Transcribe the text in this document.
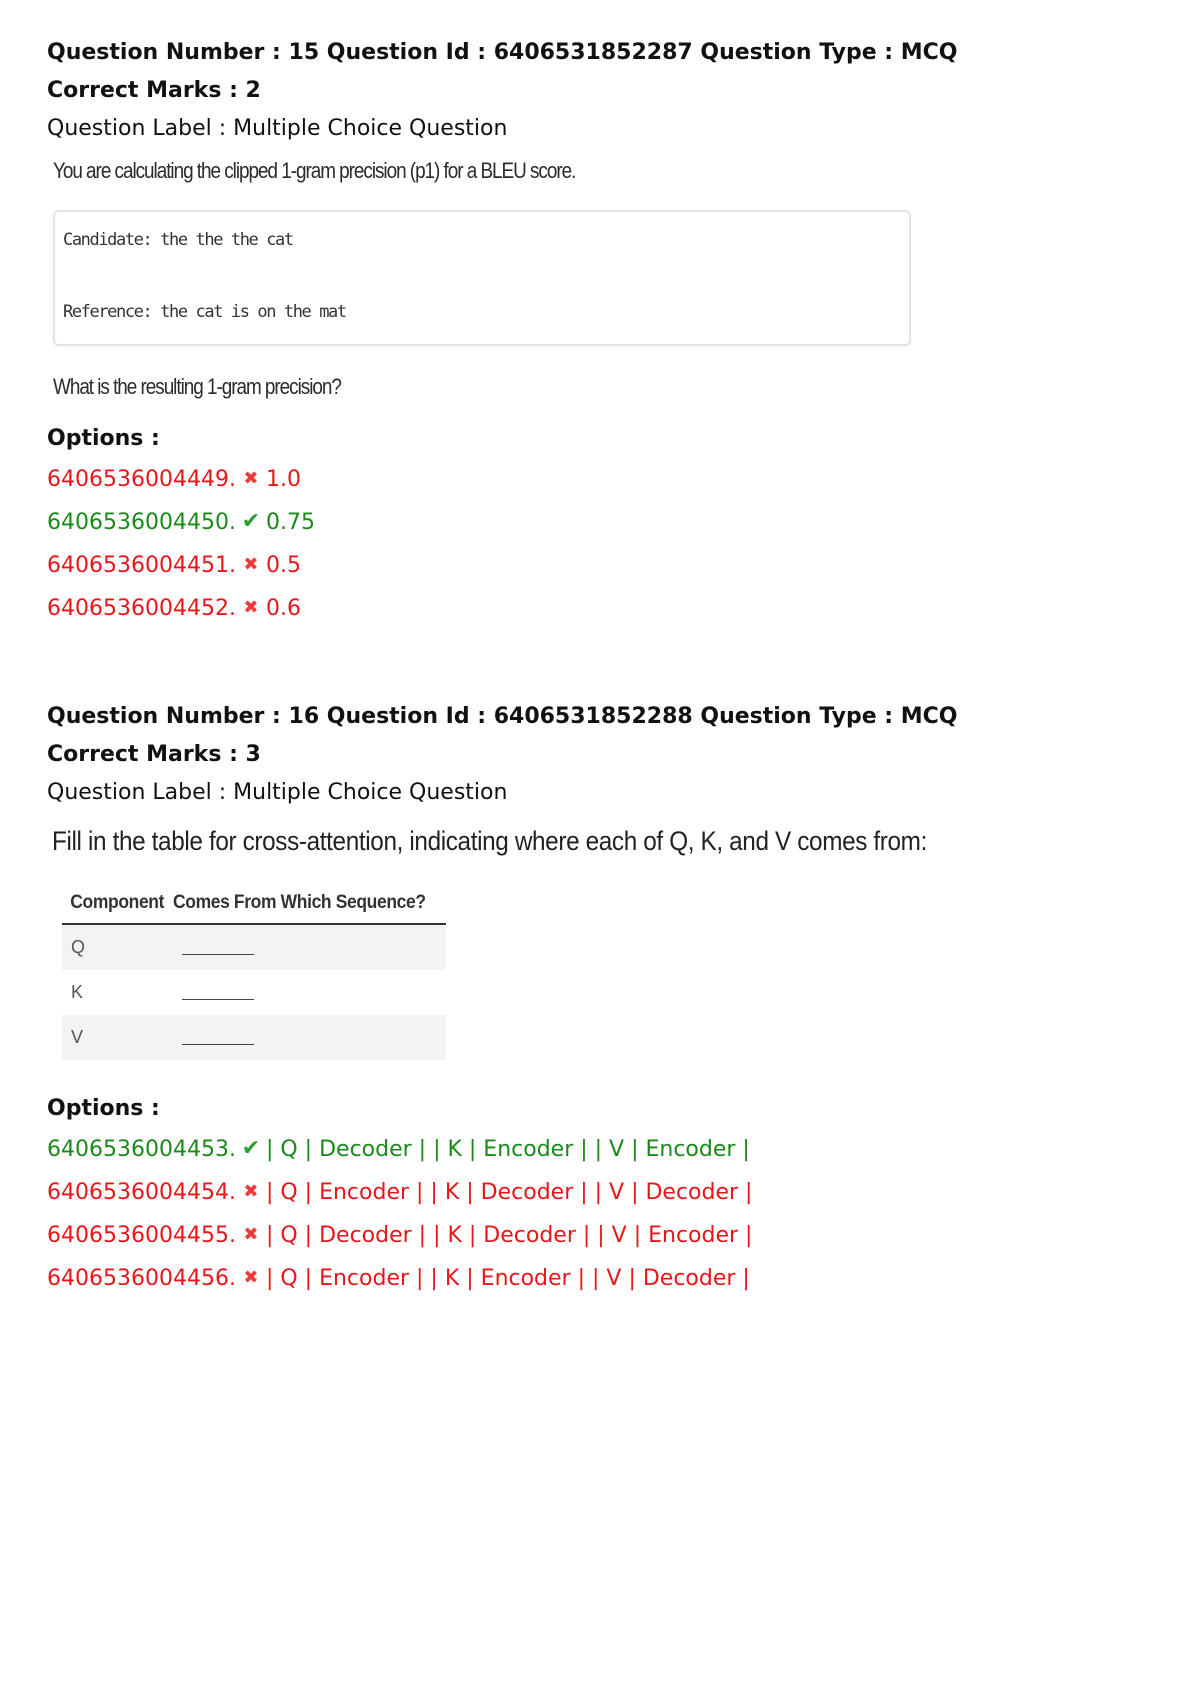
Question Number : 15 Question Id : 6406531852287 Question Type : MCQ
Correct Marks : 2
Question Label : Multiple Choice Question
You are calculating the clipped 1-gram precision (p1) for a BLEU score.
Candidate: the the the cat
Reference: the cat is on the mat
What is the resulting 1-gram precision?
Options :
6406536004449. ✖ 1.0
6406536004450. ✔ 0.75
6406536004451. ✖ 0.5
6406536004452. ✖ 0.6
Question Number : 16 Question Id : 6406531852288 Question Type : MCQ
Correct Marks : 3
Question Label : Multiple Choice Question
Fill in the table for cross-attention, indicating where each of Q, K, and V comes from:
Component Comes From Which Sequence?
Q
K
V
Options :
6406536004453. ✔ | Q | Decoder | | K | Encoder | | V | Encoder |
6406536004454. ✖ | Q | Encoder | | K | Decoder | | V | Decoder |
6406536004455. ✖ | Q | Decoder | | K | Decoder | | V | Encoder |
6406536004456. ✖ | Q | Encoder | | K | Encoder | | V | Decoder |
